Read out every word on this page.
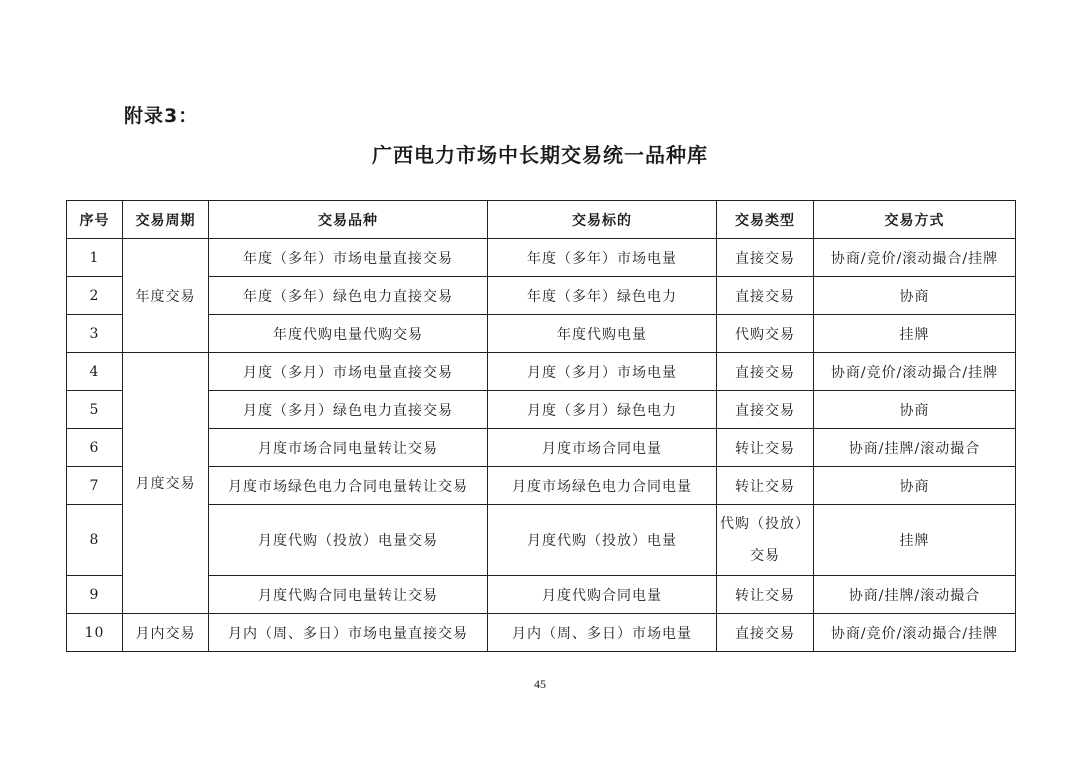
附录3：
广西电力市场中长期交易统一品种库
序号	交易周期	交易品种	交易标的	交易类型	交易方式
1	年度交易	年度（多年）市场电量直接交易	年度（多年）市场电量	直接交易	协商/竞价/滚动撮合/挂牌
2		年度（多年）绿色电力直接交易	年度（多年）绿色电力	直接交易	协商
3		年度代购电量代购交易	年度代购电量	代购交易	挂牌
4	月度交易	月度（多月）市场电量直接交易	月度（多月）市场电量	直接交易	协商/竞价/滚动撮合/挂牌
5		月度（多月）绿色电力直接交易	月度（多月）绿色电力	直接交易	协商
6		月度市场合同电量转让交易	月度市场合同电量	转让交易	协商/挂牌/滚动撮合
7		月度市场绿色电力合同电量转让交易	月度市场绿色电力合同电量	转让交易	协商
8		月度代购（投放）电量交易	月度代购（投放）电量	代购（投放）交易	挂牌
9		月度代购合同电量转让交易	月度代购合同电量	转让交易	协商/挂牌/滚动撮合
10	月内交易	月内（周、多日）市场电量直接交易	月内（周、多日）市场电量	直接交易	协商/竞价/滚动撮合/挂牌
45
